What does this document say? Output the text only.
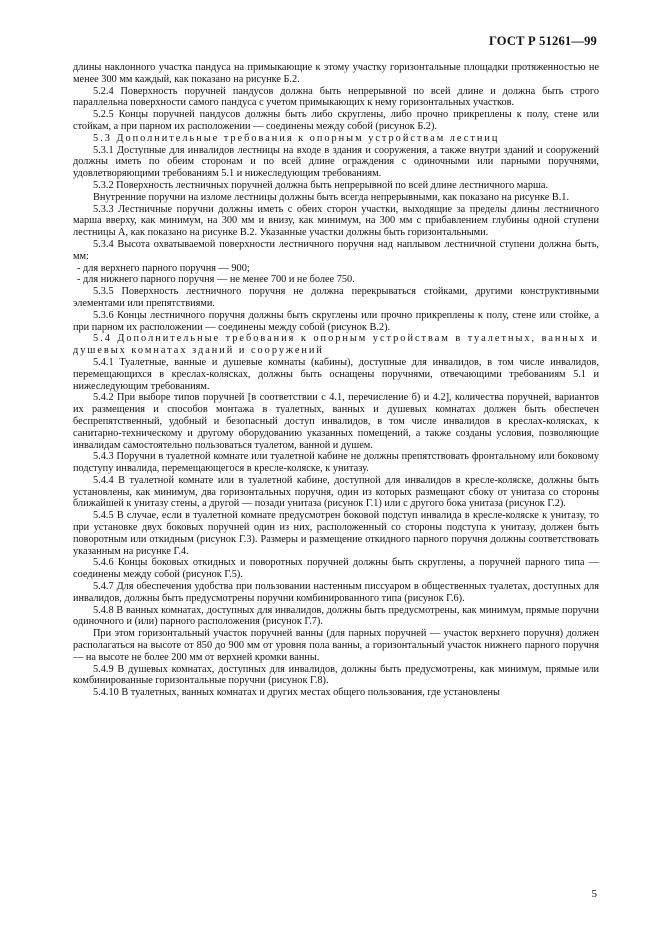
ГОСТ Р 51261—99

длины наклонного участка пандуса на примыкающие к этому участку горизонтальные площадки протяженностью не менее 300 мм каждый, как показано на рисунке Б.2.

5.2.4 Поверхность поручней пандусов должна быть непрерывной по всей длине и должна быть строго параллельна поверхности самого пандуса с учетом примыкающих к нему горизонтальных участков.

5.2.5 Концы поручней пандусов должны быть либо скруглены, либо прочно прикреплены к полу, стене или стойкам, а при парном их расположении — соединены между собой (рисунок Б.2).

5.3 Дополнительные требования к опорным устройствам лестниц

5.3.1 Доступные для инвалидов лестницы на входе в здания и сооружения, а также внутри зданий и сооружений должны иметь по обеим сторонам и по всей длине ограждения с одиночными или парными поручнями, удовлетворяющими требованиям 5.1 и нижеследующим требованиям.

5.3.2 Поверхность лестничных поручней должна быть непрерывной по всей длине лестничного марша.

Внутренние поручни на изломе лестницы должны быть всегда непрерывными, как показано на рисунке В.1.

5.3.3 Лестничные поручни должны иметь с обеих сторон участки, выходящие за пределы длины лестничного марша вверху, как минимум, на 300 мм и внизу, как минимум, на 300 мм с прибавлением глубины одной ступени лестницы А, как показано на рисунке В.2. Указанные участки должны быть горизонтальными.

5.3.4 Высота охватываемой поверхности лестничного поручня над наплывом лестничной ступени должна быть, мм:

- для верхнего парного поручня — 900;

- для нижнего парного поручня — не менее 700 и не более 750.

5.3.5 Поверхность лестничного поручня не должна перекрываться стойками, другими конструктивными элементами или препятствиями.

5.3.6 Концы лестничного поручня должны быть скруглены или прочно прикреплены к полу, стене или стойке, а при парном их расположении — соединены между собой (рисунок В.2).

5.4 Дополнительные требования к опорным устройствам в туалетных, ванных и душевых комнатах зданий и сооружений

5.4.1 Туалетные, ванные и душевые комнаты (кабины), доступные для инвалидов, в том числе инвалидов, перемещающихся в креслах-колясках, должны быть оснащены поручнями, отвечающими требованиям 5.1 и нижеследующим требованиям.

5.4.2 При выборе типов поручней [в соответствии с 4.1, перечисление б) и 4.2], количества поручней, вариантов их размещения и способов монтажа в туалетных, ванных и душевых комнатах должен быть обеспечен беспрепятственный, удобный и безопасный доступ инвалидов, в том числе инвалидов в креслах-колясках, к санитарно-техническому и другому оборудованию указанных помещений, а также созданы условия, позволяющие инвалидам самостоятельно пользоваться туалетом, ванной и душем.

5.4.3 Поручни в туалетной комнате или туалетной кабине не должны препятствовать фронтальному или боковому подступу инвалида, перемещающегося в кресле-коляске, к унитазу.

5.4.4 В туалетной комнате или в туалетной кабине, доступной для инвалидов в кресле-коляске, должны быть установлены, как минимум, два горизонтальных поручня, один из которых размещают сбоку от унитаза со стороны ближайшей к унитазу стены, а другой — позади унитаза (рисунок Г.1) или с другого бока унитаза (рисунок Г.2).

5.4.5 В случае, если в туалетной комнате предусмотрен боковой подступ инвалида в кресле-коляске к унитазу, то при установке двух боковых поручней один из них, расположенный со стороны подступа к унитазу, должен быть поворотным или откидным (рисунок Г.3). Размеры и размещение откидного парного поручня должны соответствовать указанным на рисунке Г.4.

5.4.6 Концы боковых откидных и поворотных поручней должны быть скруглены, а поручней парного типа — соединены между собой (рисунок Г.5).

5.4.7 Для обеспечения удобства при пользовании настенным писсуаром в общественных туалетах, доступных для инвалидов, должны быть предусмотрены поручни комбинированного типа (рисунок Г.6).

5.4.8 В ванных комнатах, доступных для инвалидов, должны быть предусмотрены, как минимум, прямые поручни одиночного и (или) парного расположения (рисунок Г.7).

При этом горизонтальный участок поручней ванны (для парных поручней — участок верхнего поручня) должен располагаться на высоте от 850 до 900 мм от уровня пола ванны, а горизонтальный участок нижнего парного поручня — на высоте не более 200 мм от верхней кромки ванны.

5.4.9 В душевых комнатах, доступных для инвалидов, должны быть предусмотрены, как минимум, прямые или комбинированные горизонтальные поручни (рисунок Г.8).

5.4.10 В туалетных, ванных комнатах и других местах общего пользования, где установлены

5
